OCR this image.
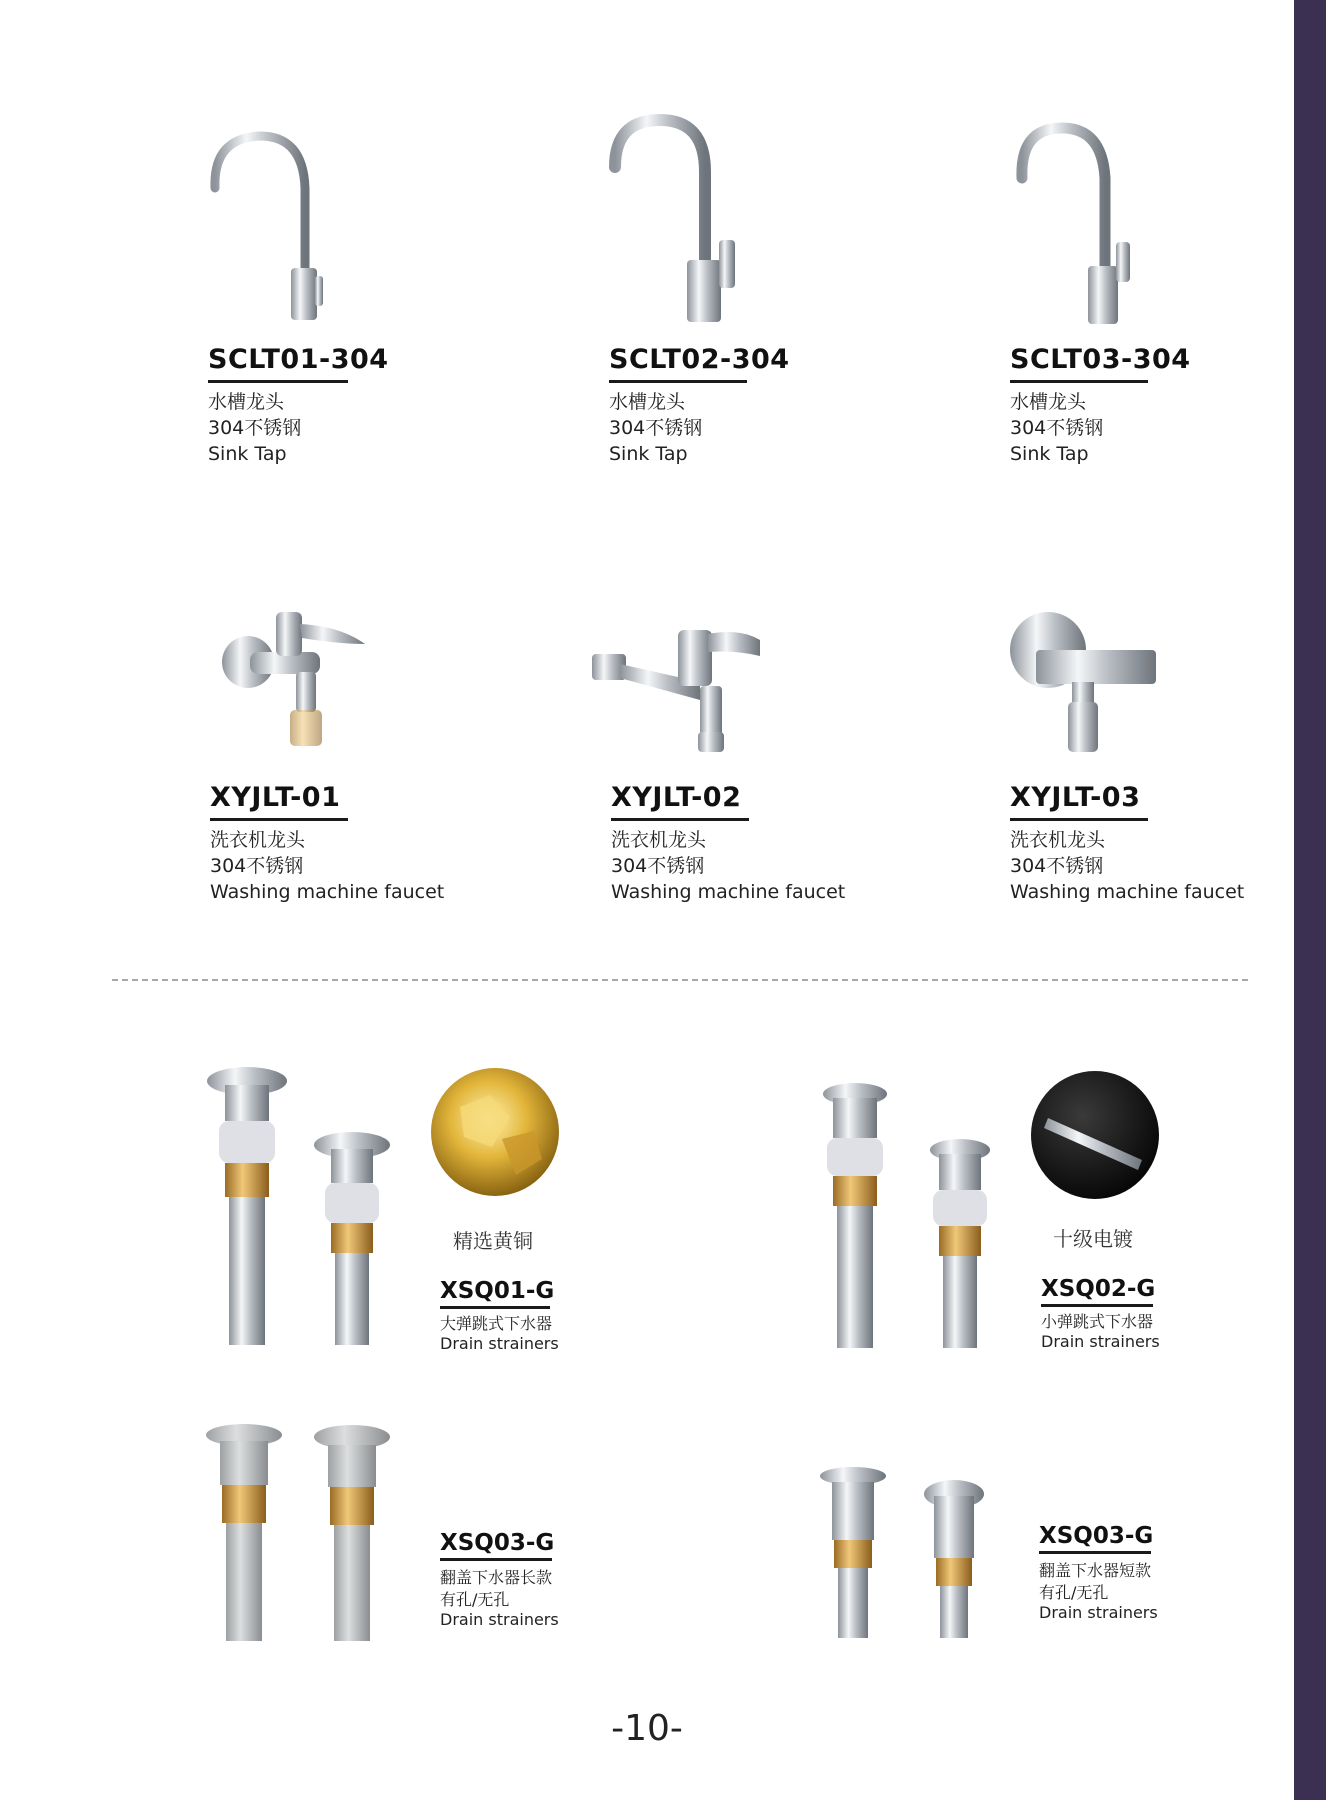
SCLT01-304
水槽龙头
304不锈钢
Sink Tap
SCLT02-304
水槽龙头
304不锈钢
Sink Tap
SCLT03-304
水槽龙头
304不锈钢
Sink Tap
XYJLT-01
洗衣机龙头
304不锈钢
Washing machine faucet
XYJLT-02
洗衣机龙头
304不锈钢
Washing machine faucet
XYJLT-03
洗衣机龙头
304不锈钢
Washing machine faucet
精选黄铜
XSQ01-G
大弹跳式下水器
Drain strainers
十级电镀
XSQ02-G
小弹跳式下水器
Drain strainers
XSQ03-G
翻盖下水器长款
有孔/无孔
Drain strainers
XSQ03-G
翻盖下水器短款
有孔/无孔
Drain strainers
-10-
